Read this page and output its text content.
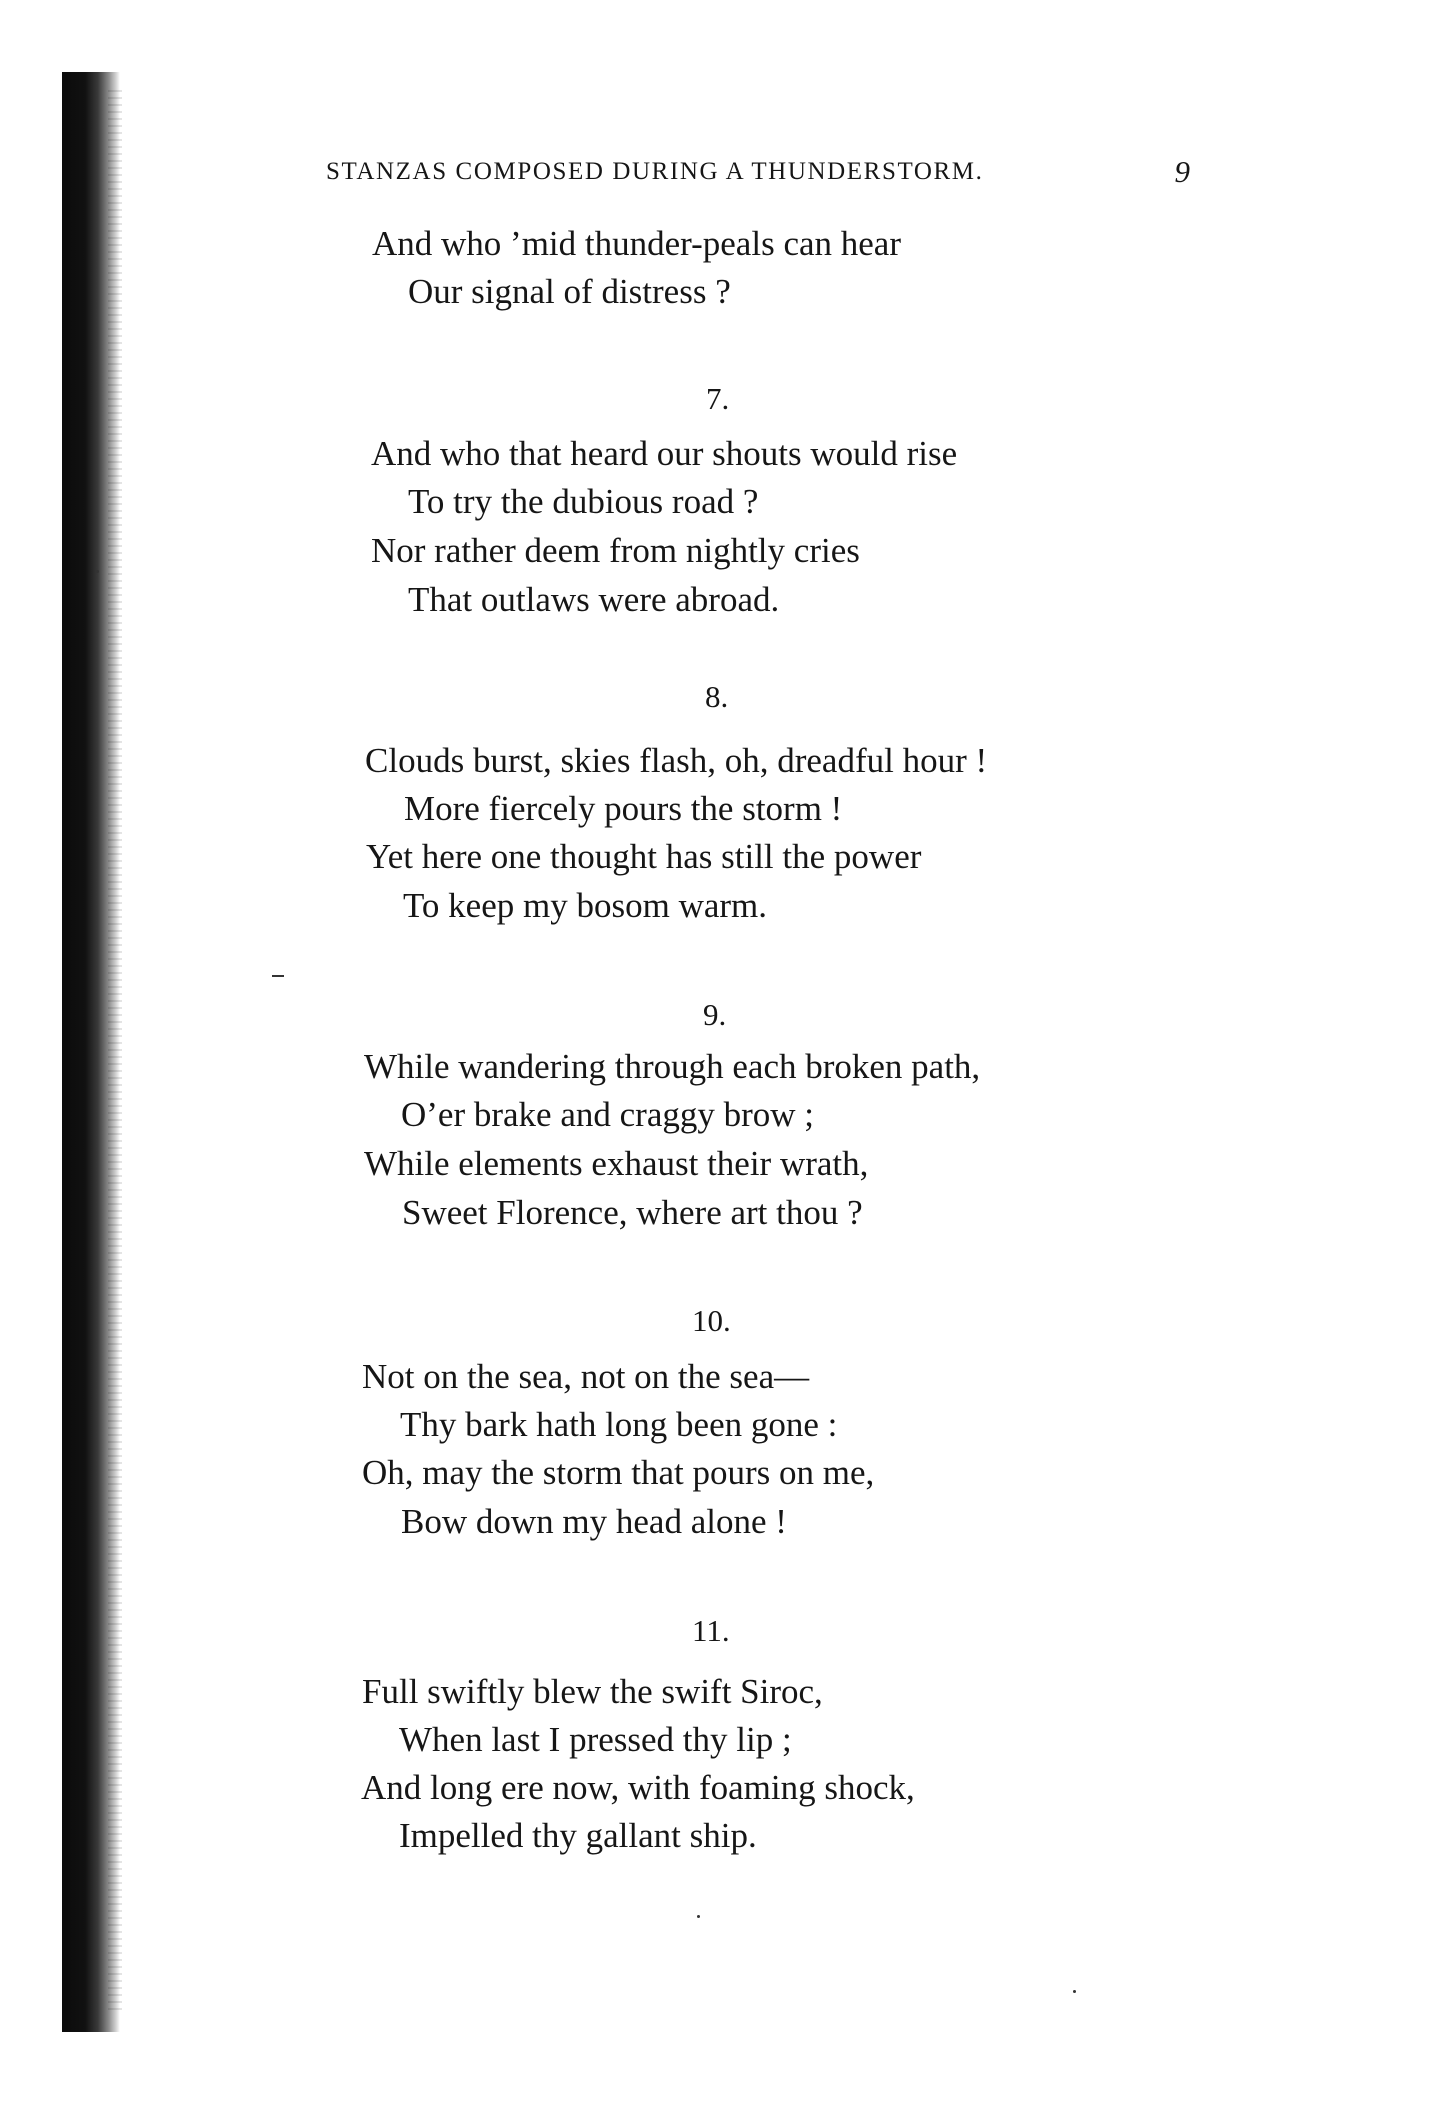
STANZAS COMPOSED DURING A THUNDERSTORM.	9
And who ’mid thunder-peals can hear
Our signal of distress ?
7.
And who that heard our shouts would rise
To try the dubious road ?
Nor rather deem from nightly cries
That outlaws were abroad.
8.
Clouds burst, skies flash, oh, dreadful hour !
More fiercely pours the storm !
Yet here one thought has still the power
To keep my bosom warm.
9.
While wandering through each broken path,
O’er brake and craggy brow ;
While elements exhaust their wrath,
Sweet Florence, where art thou ?
10.
Not on the sea, not on the sea—
Thy bark hath long been gone :
Oh, may the storm that pours on me,
Bow down my head alone !
11.
Full swiftly blew the swift Siroc,
When last I pressed thy lip ;
And long ere now, with foaming shock,
Impelled thy gallant ship.
